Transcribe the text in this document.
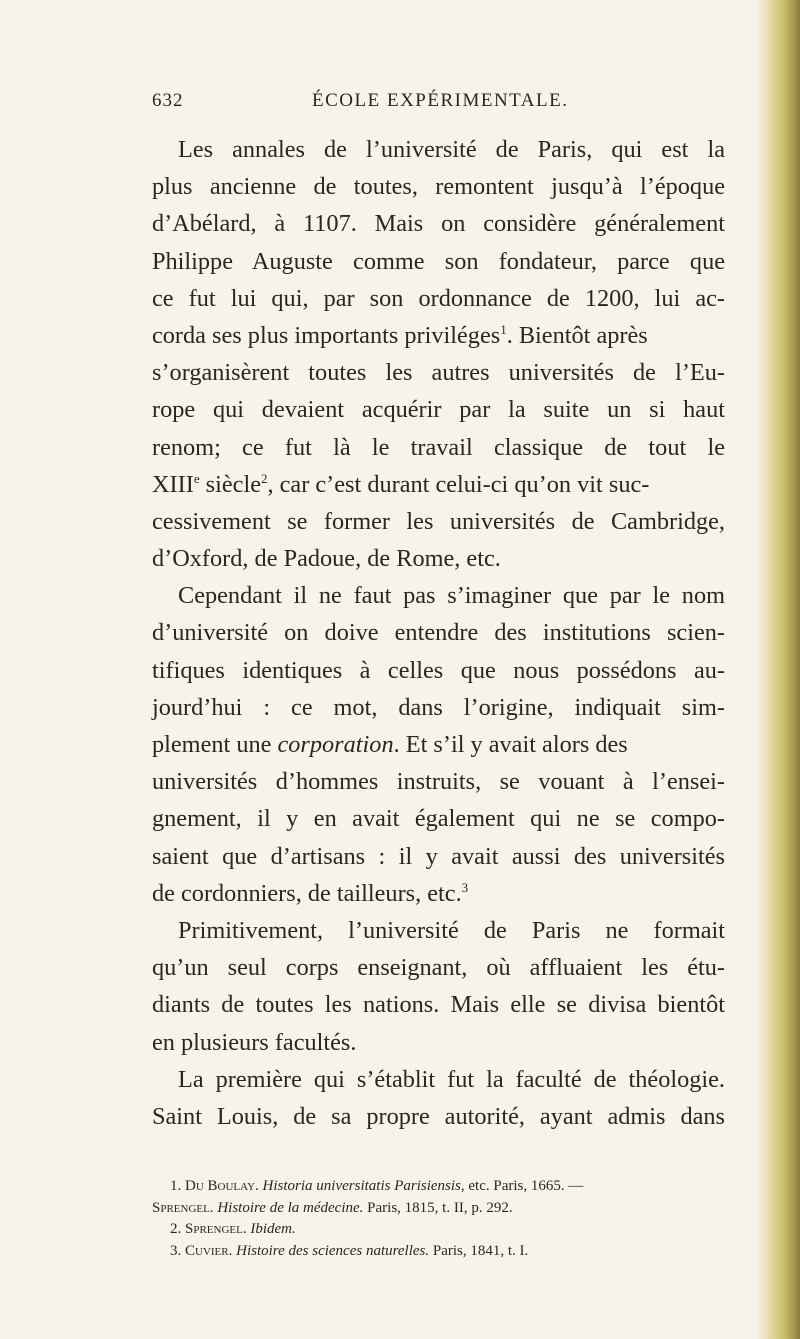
632	ÉCOLE EXPÉRIMENTALE.
Les annales de l’université de Paris, qui est la
plus ancienne de toutes, remontent jusqu’à l’époque
d’Abélard, à 1107. Mais on considère généralement
Philippe Auguste comme son fondateur, parce que
ce fut lui qui, par son ordonnance de 1200, lui ac-
corda ses plus importants priviléges$^1$. Bientôt après
s’organisèrent toutes les autres universités de l’Eu-
rope qui devaient acquérir par la suite un si haut
renom; ce fut là le travail classique de tout le
XIIIe siècle$^2$, car c’est durant celui-ci qu’on vit suc-
cessivement se former les universités de Cambridge,
d’Oxford, de Padoue, de Rome, etc.
Cependant il ne faut pas s’imaginer que par le nom
d’université on doive entendre des institutions scien-
tifiques identiques à celles que nous possédons au-
jourd’hui : ce mot, dans l’origine, indiquait sim-
plement une corporation. Et s’il y avait alors des
universités d’hommes instruits, se vouant à l’ensei-
gnement, il y en avait également qui ne se compo-
saient que d’artisans : il y avait aussi des universités
de cordonniers, de tailleurs, etc.$^3$
Primitivement, l’université de Paris ne formait
qu’un seul corps enseignant, où affluaient les étu-
diants de toutes les nations. Mais elle se divisa bientôt
en plusieurs facultés.
La première qui s’établit fut la faculté de théologie.
Saint Louis, de sa propre autorité, ayant admis dans
1. Du Boulay. Historia universitatis Parisiensis, etc. Paris, 1665. —
Sprengel. Histoire de la médecine. Paris, 1815, t. II, p. 292.
2. Sprengel. Ibidem.
3. Cuvier. Histoire des sciences naturelles. Paris, 1841, t. I.
